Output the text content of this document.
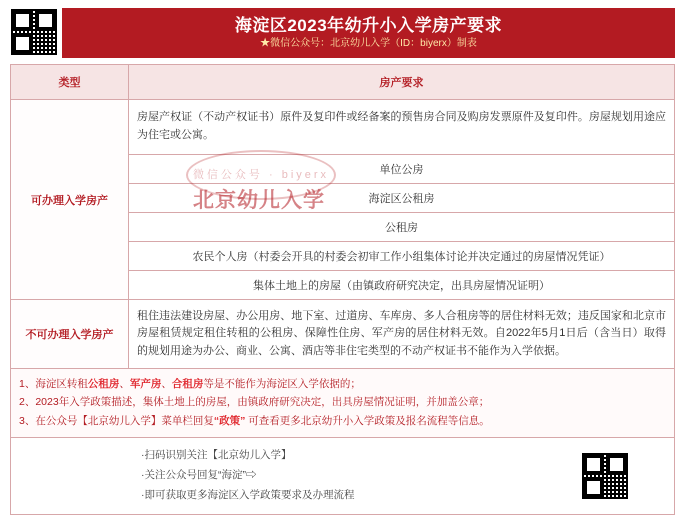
海淀区2023年幼升小入学房产要求
★微信公众号：北京幼儿入学（ID：biyerx）制表
微信公众号 · biyerx
北京幼儿入学
类型	房产要求
可办理入学房产	房屋产权证（不动产权证书）原件及复印件或经备案的预售房合同及购房发票原件及复印件。房屋规划用途应为住宅或公寓。
	单位公房
	海淀区公租房
	公租房
	农民个人房（村委会开具的村委会初审工作小组集体讨论并决定通过的房屋情况凭证）
	集体土地上的房屋（由镇政府研究决定，出具房屋情况证明）
不可办理入学房产	租住违法建设房屋、办公用房、地下室、过道房、车库房、多人合租房等的居住材料无效；违反国家和北京市房屋租赁规定租住转租的公租房、保障性住房、军产房的居住材料无效。自2022年5月1日后（含当日）取得的规划用途为办公、商业、公寓、酒店等非住宅类型的不动产权证书不能作为入学依据。
1、海淀区转租公租房、军产房、合租房等是不能作为海淀区入学依据的；
2、2023年入学政策描述，集体土地上的房屋，由镇政府研究决定，出具房屋情况证明，并加盖公章；
3、在公众号【北京幼儿入学】菜单栏回复“政策” 可查看更多北京幼升小入学政策及报名流程等信息。
·扫码识别关注【北京幼儿入学】
·关注公众号回复“海淀”⇨
·即可获取更多海淀区入学政策要求及办理流程
